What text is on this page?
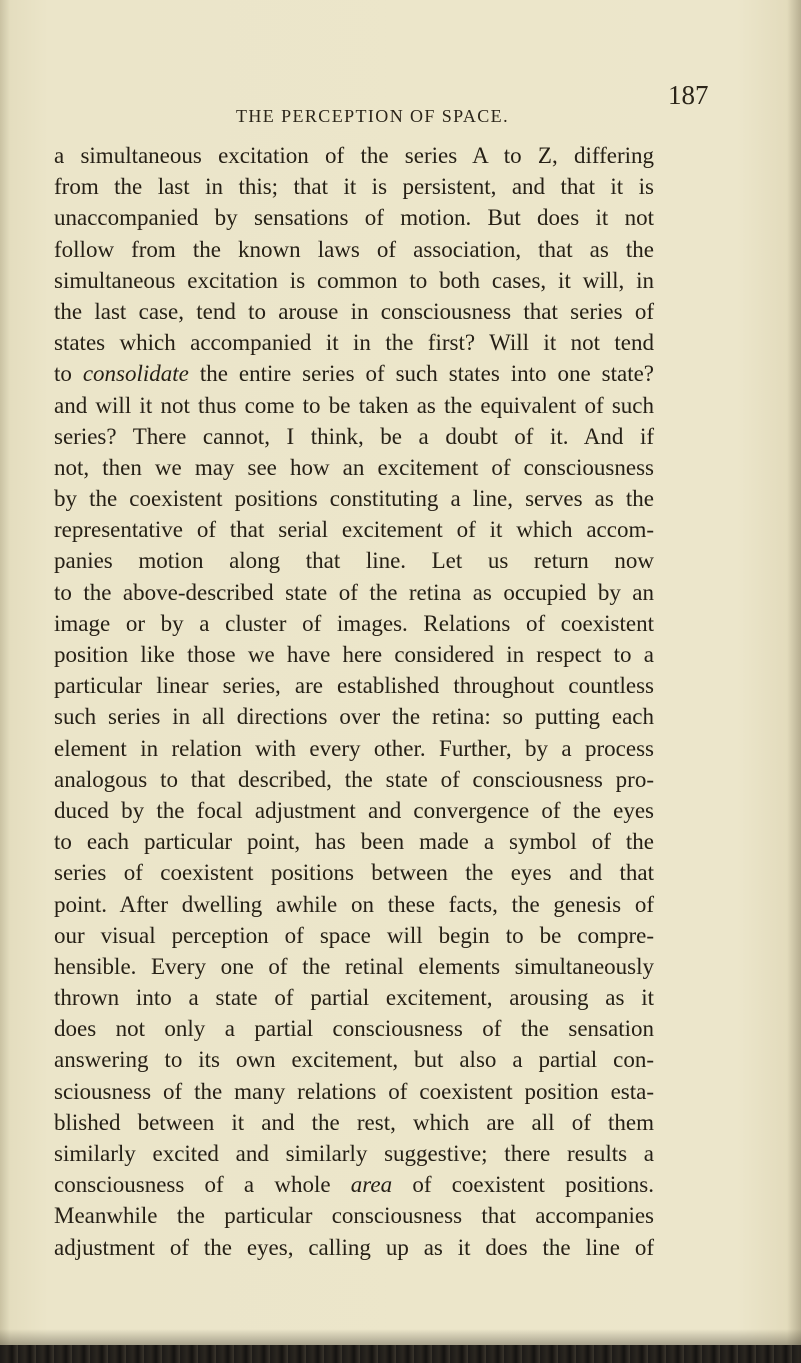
THE PERCEPTION OF SPACE.
187
a simultaneous excitation of the series A to Z, differing
from the last in this; that it is persistent, and that it is
unaccompanied by sensations of motion. But does it not
follow from the known laws of association, that as the
simultaneous excitation is common to both cases, it will, in
the last case, tend to arouse in consciousness that series of
states which accompanied it in the first? Will it not tend
to consolidate the entire series of such states into one state?
and will it not thus come to be taken as the equivalent of such
series? There cannot, I think, be a doubt of it. And if
not, then we may see how an excitement of consciousness
by the coexistent positions constituting a line, serves as the
representative of that serial excitement of it which accom-
panies motion along that line. Let us return now
to the above-described state of the retina as occupied by an
image or by a cluster of images. Relations of coexistent
position like those we have here considered in respect to a
particular linear series, are established throughout countless
such series in all directions over the retina: so putting each
element in relation with every other. Further, by a process
analogous to that described, the state of consciousness pro-
duced by the focal adjustment and convergence of the eyes
to each particular point, has been made a symbol of the
series of coexistent positions between the eyes and that
point. After dwelling awhile on these facts, the genesis of
our visual perception of space will begin to be compre-
hensible. Every one of the retinal elements simultaneously
thrown into a state of partial excitement, arousing as it
does not only a partial consciousness of the sensation
answering to its own excitement, but also a partial con-
sciousness of the many relations of coexistent position esta-
blished between it and the rest, which are all of them
similarly excited and similarly suggestive; there results a
consciousness of a whole area of coexistent positions.
Meanwhile the particular consciousness that accompanies
adjustment of the eyes, calling up as it does the line of
